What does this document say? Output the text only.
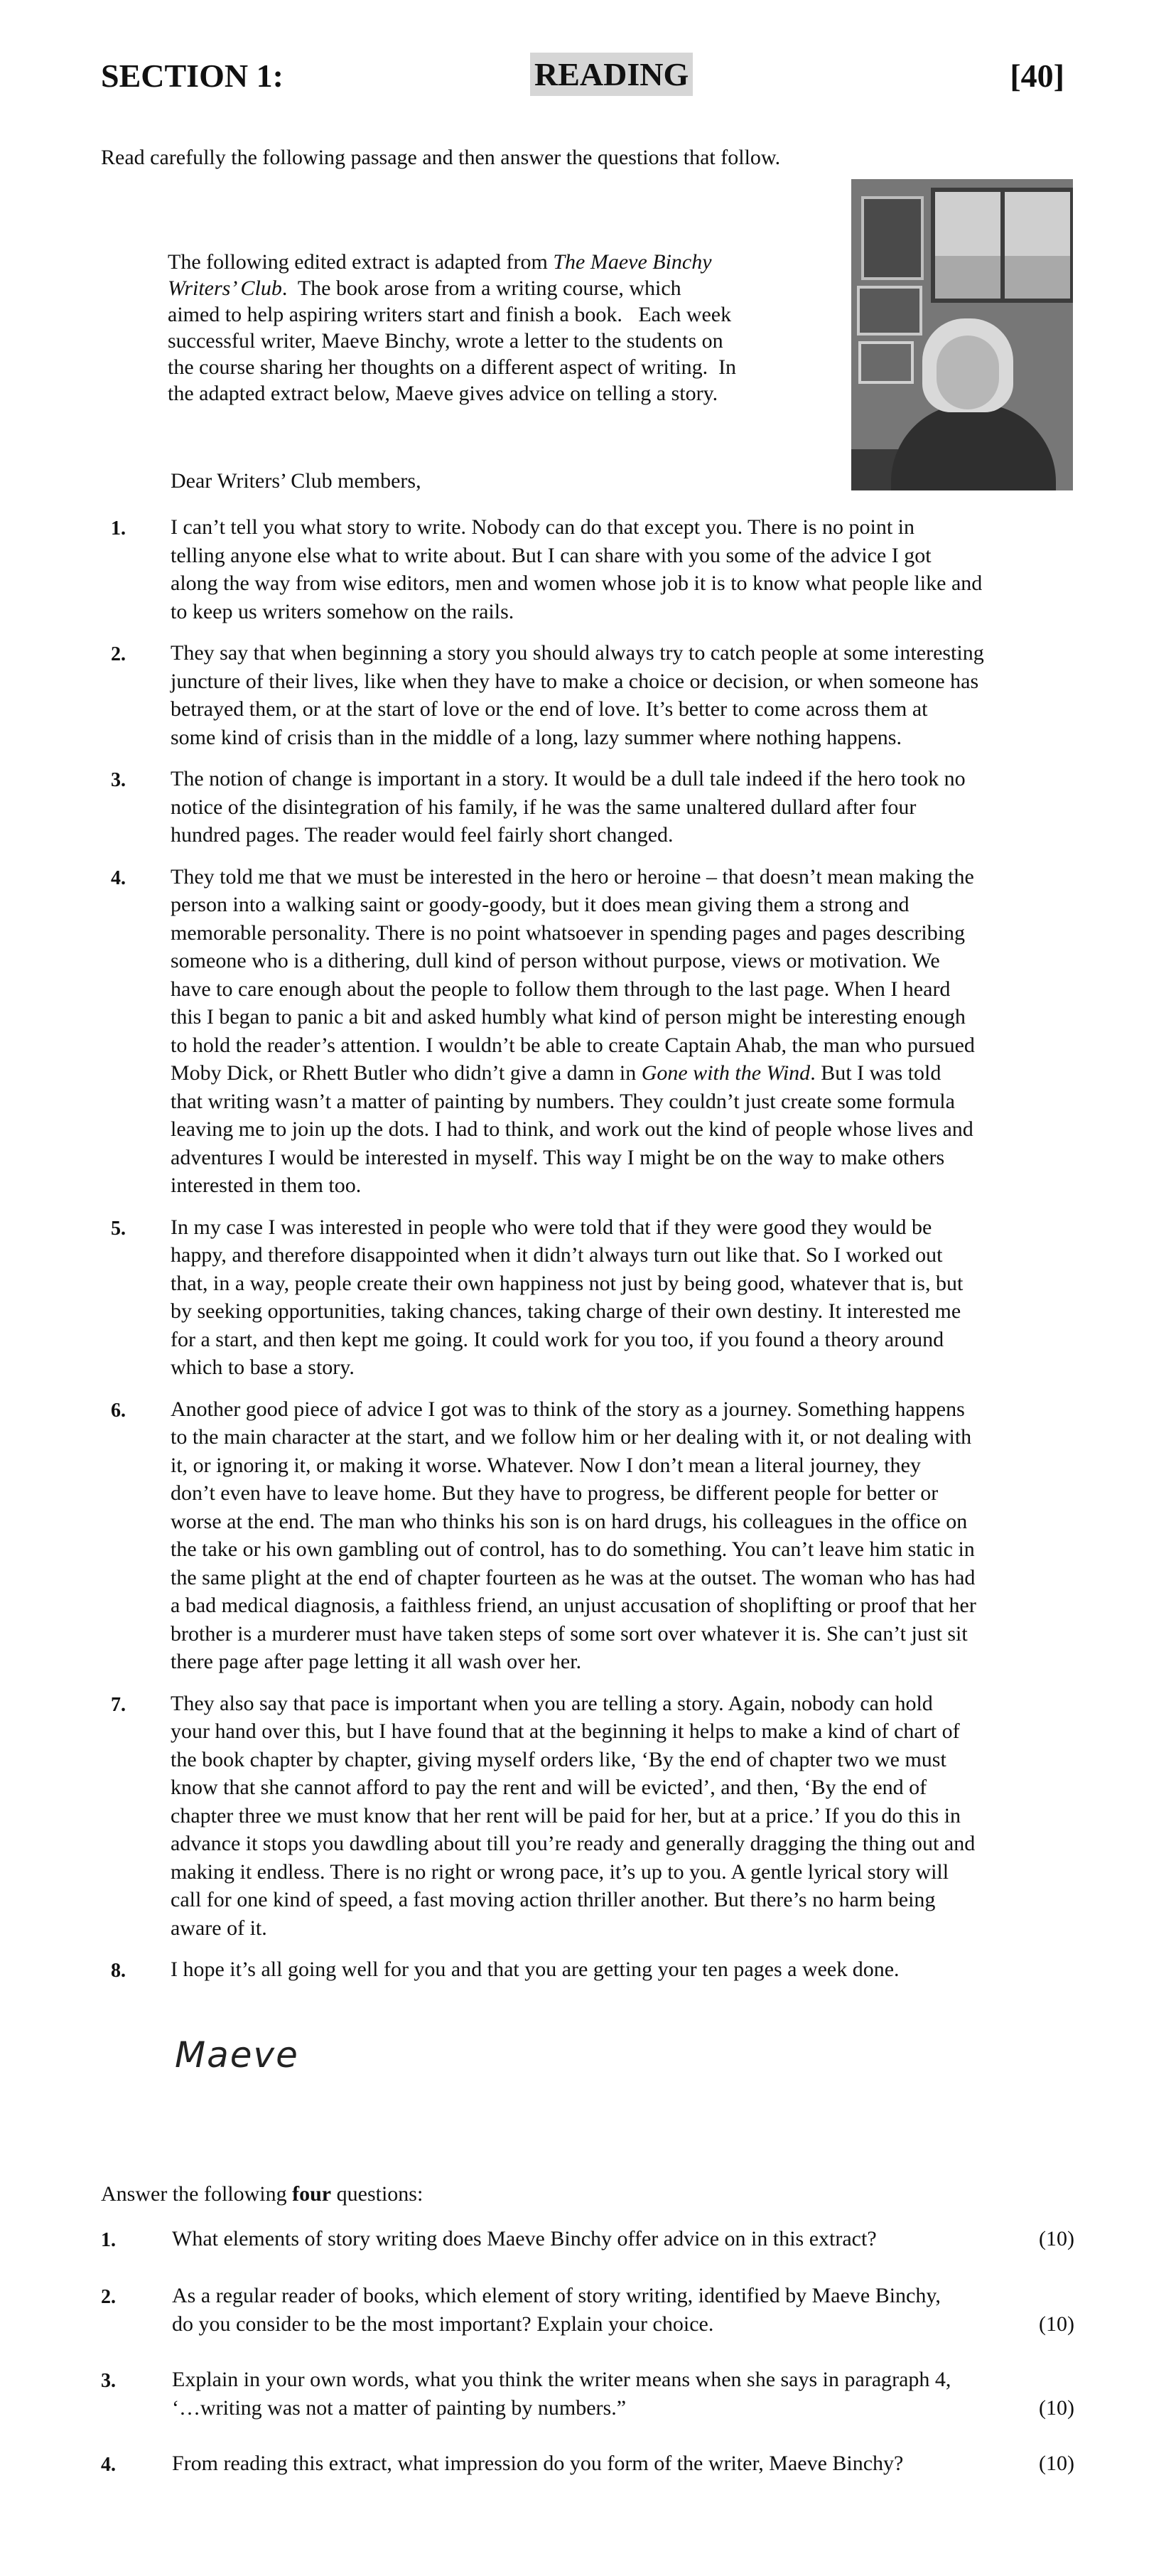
SECTION 1:	READING	[40]
Read carefully the following passage and then answer the questions that follow.
The following edited extract is adapted from The Maeve Binchy
Writers’ Club.  The book arose from a writing course, which
aimed to help aspiring writers start and finish a book.   Each week
successful writer, Maeve Binchy, wrote a letter to the students on
the course sharing her thoughts on a different aspect of writing.  In
the adapted extract below, Maeve gives advice on telling a story.
Dear Writers’ Club members,
1. I can’t tell you what story to write. Nobody can do that except you. There is no point in
telling anyone else what to write about. But I can share with you some of the advice I got
along the way from wise editors, men and women whose job it is to know what people like and
to keep us writers somehow on the rails.
2. They say that when beginning a story you should always try to catch people at some interesting
juncture of their lives, like when they have to make a choice or decision, or when someone has
betrayed them, or at the start of love or the end of love. It’s better to come across them at
some kind of crisis than in the middle of a long, lazy summer where nothing happens.
3. The notion of change is important in a story. It would be a dull tale indeed if the hero took no
notice of the disintegration of his family, if he was the same unaltered dullard after four
hundred pages. The reader would feel fairly short changed.
4. They told me that we must be interested in the hero or heroine – that doesn’t mean making the
person into a walking saint or goody-goody, but it does mean giving them a strong and
memorable personality. There is no point whatsoever in spending pages and pages describing
someone who is a dithering, dull kind of person without purpose, views or motivation. We
have to care enough about the people to follow them through to the last page. When I heard
this I began to panic a bit and asked humbly what kind of person might be interesting enough
to hold the reader’s attention. I wouldn’t be able to create Captain Ahab, the man who pursued
Moby Dick, or Rhett Butler who didn’t give a damn in Gone with the Wind. But I was told
that writing wasn’t a matter of painting by numbers. They couldn’t just create some formula
leaving me to join up the dots. I had to think, and work out the kind of people whose lives and
adventures I would be interested in myself. This way I might be on the way to make others
interested in them too.
5. In my case I was interested in people who were told that if they were good they would be
happy, and therefore disappointed when it didn’t always turn out like that. So I worked out
that, in a way, people create their own happiness not just by being good, whatever that is, but
by seeking opportunities, taking chances, taking charge of their own destiny. It interested me
for a start, and then kept me going. It could work for you too, if you found a theory around
which to base a story.
6. Another good piece of advice I got was to think of the story as a journey. Something happens
to the main character at the start, and we follow him or her dealing with it, or not dealing with
it, or ignoring it, or making it worse. Whatever. Now I don’t mean a literal journey, they
don’t even have to leave home. But they have to progress, be different people for better or
worse at the end. The man who thinks his son is on hard drugs, his colleagues in the office on
the take or his own gambling out of control, has to do something. You can’t leave him static in
the same plight at the end of chapter fourteen as he was at the outset. The woman who has had
a bad medical diagnosis, a faithless friend, an unjust accusation of shoplifting or proof that her
brother is a murderer must have taken steps of some sort over whatever it is. She can’t just sit
there page after page letting it all wash over her.
7. They also say that pace is important when you are telling a story. Again, nobody can hold
your hand over this, but I have found that at the beginning it helps to make a kind of chart of
the book chapter by chapter, giving myself orders like, ‘By the end of chapter two we must
know that she cannot afford to pay the rent and will be evicted’, and then, ‘By the end of
chapter three we must know that her rent will be paid for her, but at a price.’ If you do this in
advance it stops you dawdling about till you’re ready and generally dragging the thing out and
making it endless. There is no right or wrong pace, it’s up to you. A gentle lyrical story will
call for one kind of speed, a fast moving action thriller another. But there’s no harm being
aware of it.
8. I hope it’s all going well for you and that you are getting your ten pages a week done.
Maeve
Answer the following four questions:
1.	What elements of story writing does Maeve Binchy offer advice on in this extract?	(10)
2.	As a regular reader of books, which element of story writing, identified by Maeve Binchy,
do you consider to be the most important? Explain your choice.	(10)
3.	Explain in your own words, what you think the writer means when she says in paragraph 4,
‘…writing was not a matter of painting by numbers.”	(10)
4.	From reading this extract, what impression do you form of the writer, Maeve Binchy?	(10)
